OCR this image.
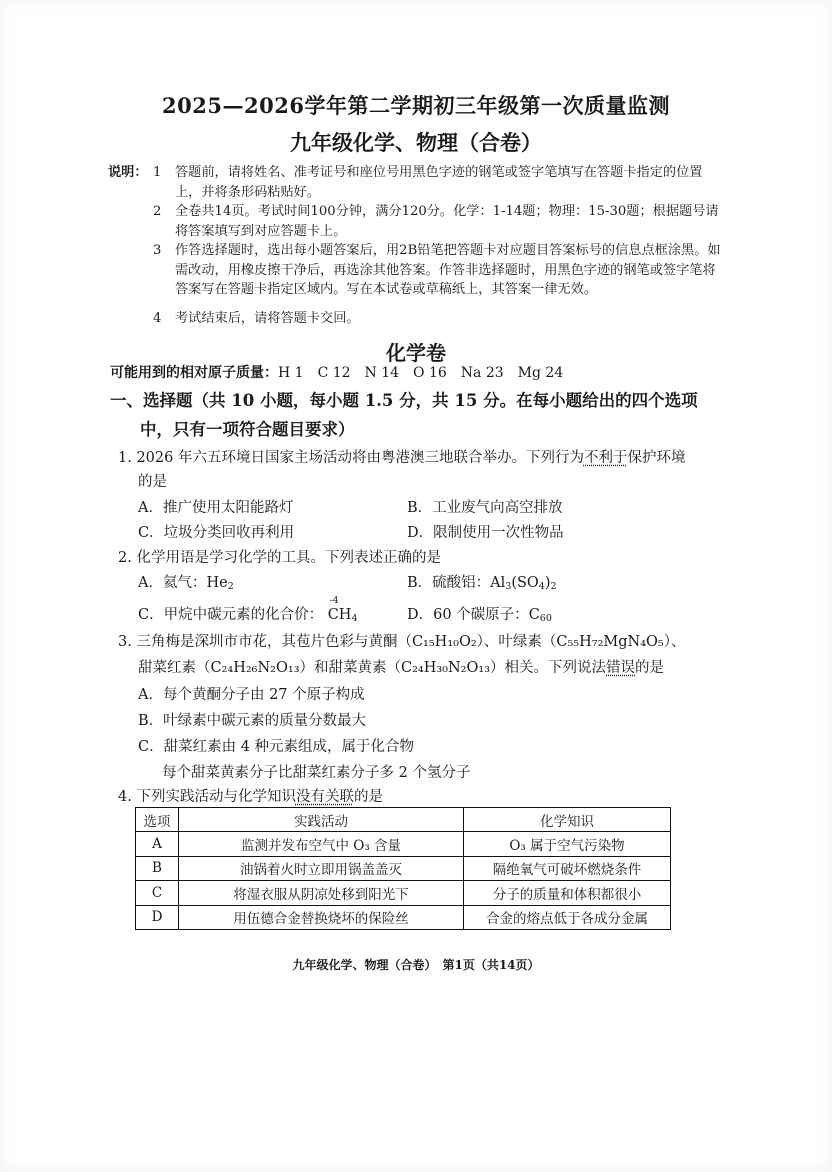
2025—2026学年第二学期初三年级第一次质量监测
九年级化学、物理（合卷）
说明： 1 答题前，请将姓名、准考证号和座位号用黑色字迹的钢笔或签字笔填写在答题卡指定的位置上，并将条形码粘贴好。
2 全卷共14页。考试时间100分钟，满分120分。化学：1-14题；物理：15-30题；根据题号请将答案填写到对应答题卡上。
3 作答选择题时，选出每小题答案后，用2B铅笔把答题卡对应题目答案标号的信息点框涂黑。如需改动，用橡皮擦干净后，再选涂其他答案。作答非选择题时，用黑色字迹的钢笔或签字笔将答案写在答题卡指定区域内。写在本试卷或草稿纸上，其答案一律无效。
4 考试结束后，请将答题卡交回。
化学卷
可能用到的相对原子质量：H 1　C 12　N 14　O 16　Na 23　Mg 24
一、选择题（共 10 小题，每小题 1.5 分，共 15 分。在每小题给出的四个选项
中，只有一项符合题目要求）
1. 2026 年六五环境日国家主场活动将由粤港澳三地联合举办。下列行为不利于保护环境
的是
A．推广使用太阳能路灯	B．工业废气向高空排放
C．垃圾分类回收再利用	D．限制使用一次性物品
2. 化学用语是学习化学的工具。下列表述正确的是
A．氦气：$He_2$	B．硫酸铝：$Al_3(SO_4)_2$
C．甲烷中碳元素的化合价：
-4
$CH_4$	D．60 个碳原子：$C_{60}$
3. 三角梅是深圳市市花，其苞片色彩与黄酮（C₁₅H₁₀O₂）、叶绿素（C₅₅H₇₂MgN₄O₅）、
甜菜红素（C₂₄H₂₆N₂O₁₃）和甜菜黄素（C₂₄H₃₀N₂O₁₃）相关。下列说法错误的是
A．每个黄酮分子由 27 个原子构成
B．叶绿素中碳元素的质量分数最大
C．甜菜红素由 4 种元素组成，属于化合物
每个甜菜黄素分子比甜菜红素分子多 2 个氢分子
4. 下列实践活动与化学知识没有关联的是
选项	实践活动	化学知识
A	监测并发布空气中 O₃ 含量	O₃ 属于空气污染物
B	油锅着火时立即用锅盖盖灭	隔绝氧气可破坏燃烧条件
C	将湿衣服从阴凉处移到阳光下	分子的质量和体积都很小
D	用伍德合金替换烧坏的保险丝	合金的熔点低于各成分金属
九年级化学、物理（合卷）　第1页（共14页）
